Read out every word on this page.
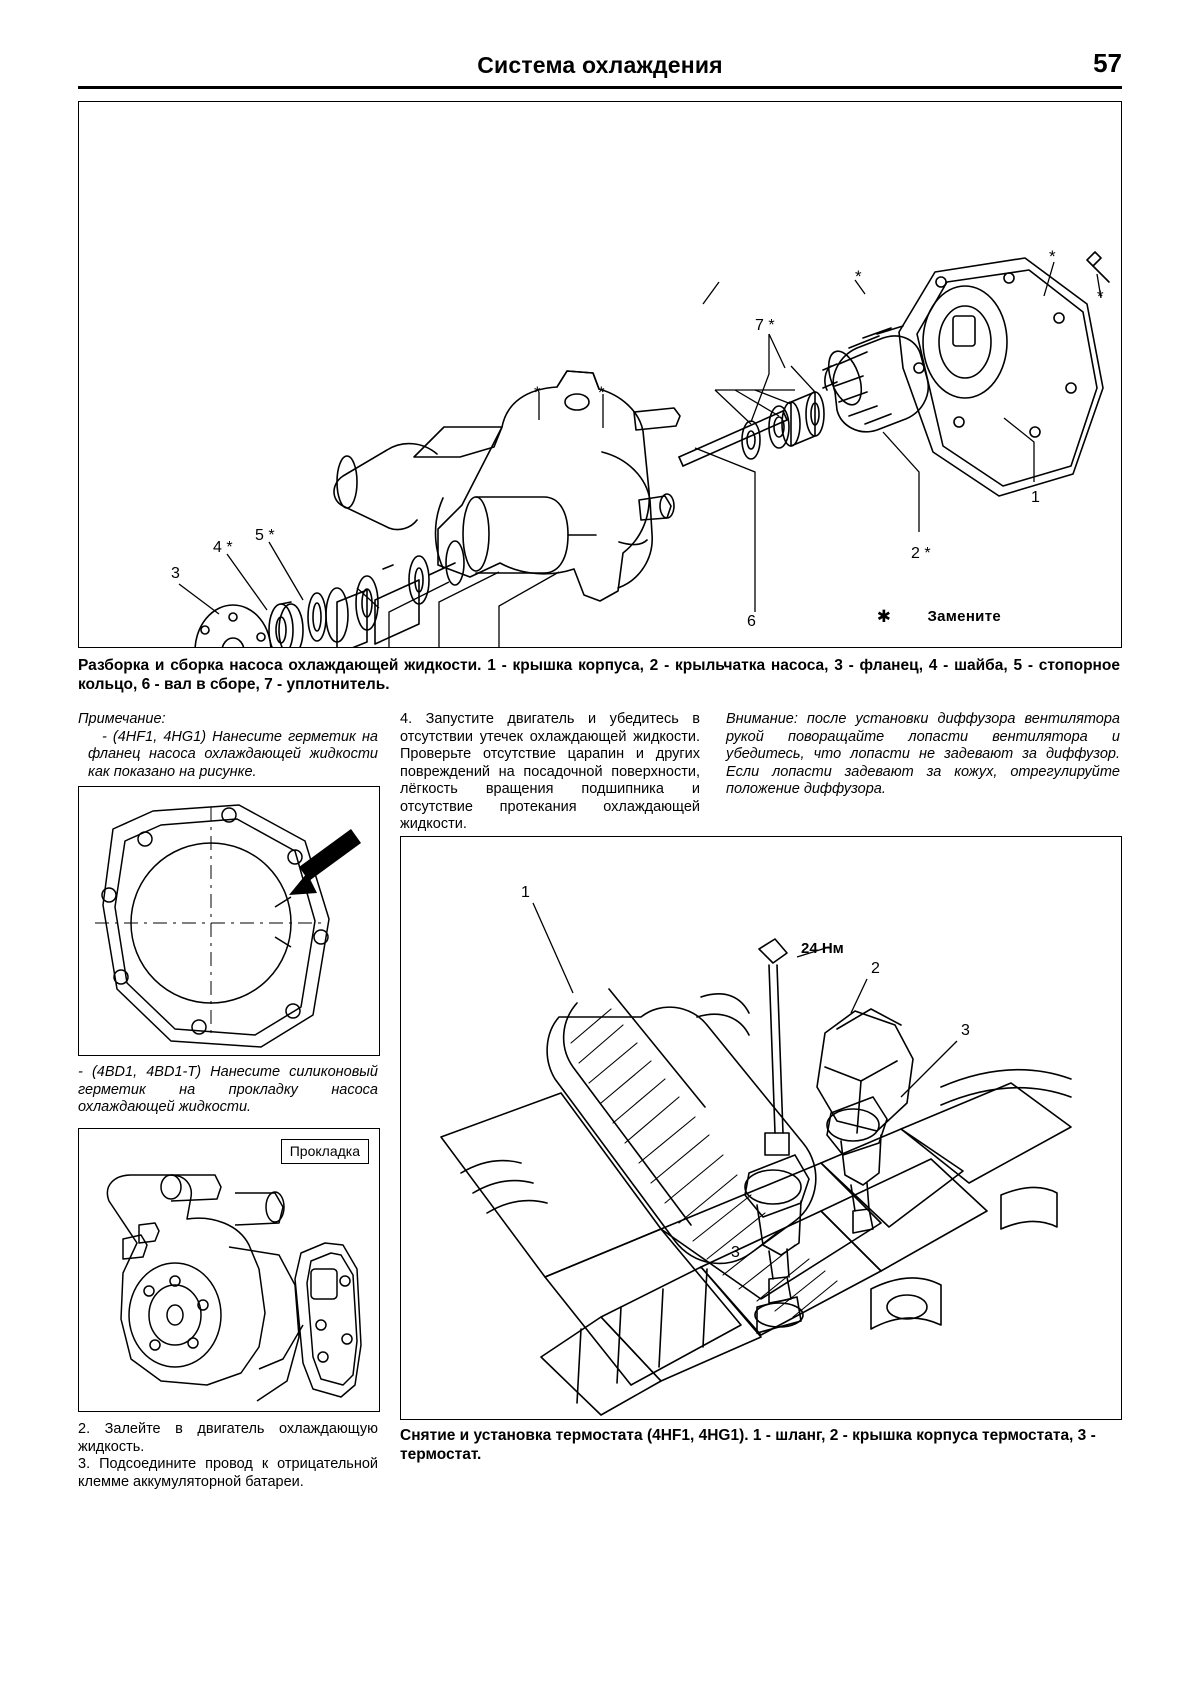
Система охлаждения	57
*	*
*
*
*
1
2 *
3
4 *
5 *
6
7 *
✱ Замените
Разборка и сборка насоса охлаждающей жидкости. 1 - крышка корпуса, 2 - крыльчатка насоса, 3 - фланец, 4 - шайба, 5 - стопорное кольцо, 6 - вал в сборе, 7 - уплотнитель.
Примечание:
- (4HF1, 4HG1) Нанесите герметик на фланец насоса охлаждающей жидкости как показано на рисунке.
- (4BD1, 4BD1-T) Нанесите силиконовый герметик на прокладку насоса охлаждающей жидкости.
Прокладка
2. Залейте в двигатель охлаждающую жидкость.
3. Подсоедините провод к отрицательной клемме аккумуляторной батареи.
4. Запустите двигатель и убедитесь в отсутствии утечек охлаждающей жидкости. Проверьте отсутствие царапин и других повреждений на посадочной поверхности, лёгкость вращения подшипника и отсутствие протекания охлаждающей жидкости.
Внимание: после установки диффузора вентилятора рукой поворащайте лопасти вентилятора и убедитесь, что лопасти не задевают за диффузор. Если лопасти задевают за кожух, отрегулируйте положение диффузора.
1
2
3
3
24 Нм
Снятие и установка термостата (4HF1, 4HG1). 1 - шланг, 2 - крышка корпуса термостата, 3 - термостат.
